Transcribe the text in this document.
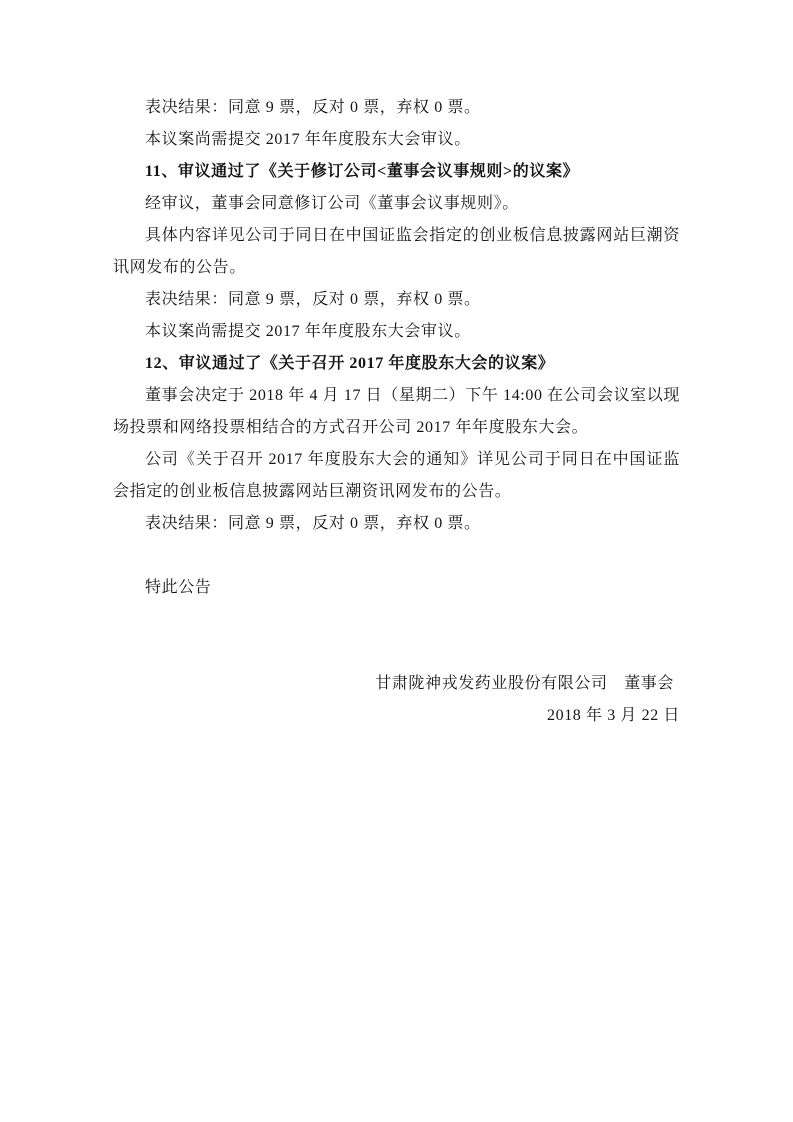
表决结果：同意 9 票，反对 0 票，弃权 0 票。

本议案尚需提交 2017 年年度股东大会审议。

11、审议通过了《关于修订公司<董事会议事规则>的议案》

经审议，董事会同意修订公司《董事会议事规则》。

具体内容详见公司于同日在中国证监会指定的创业板信息披露网站巨潮资讯网发布的公告。

表决结果：同意 9 票，反对 0 票，弃权 0 票。

本议案尚需提交 2017 年年度股东大会审议。

12、审议通过了《关于召开 2017 年度股东大会的议案》

董事会决定于 2018 年 4 月 17 日（星期二）下午 14:00 在公司会议室以现场投票和网络投票相结合的方式召开公司 2017 年年度股东大会。

公司《关于召开 2017 年度股东大会的通知》详见公司于同日在中国证监会指定的创业板信息披露网站巨潮资讯网发布的公告。

表决结果：同意 9 票，反对 0 票，弃权 0 票。

特此公告

甘肃陇神戎发药业股份有限公司　董事会

2018 年 3 月 22 日
